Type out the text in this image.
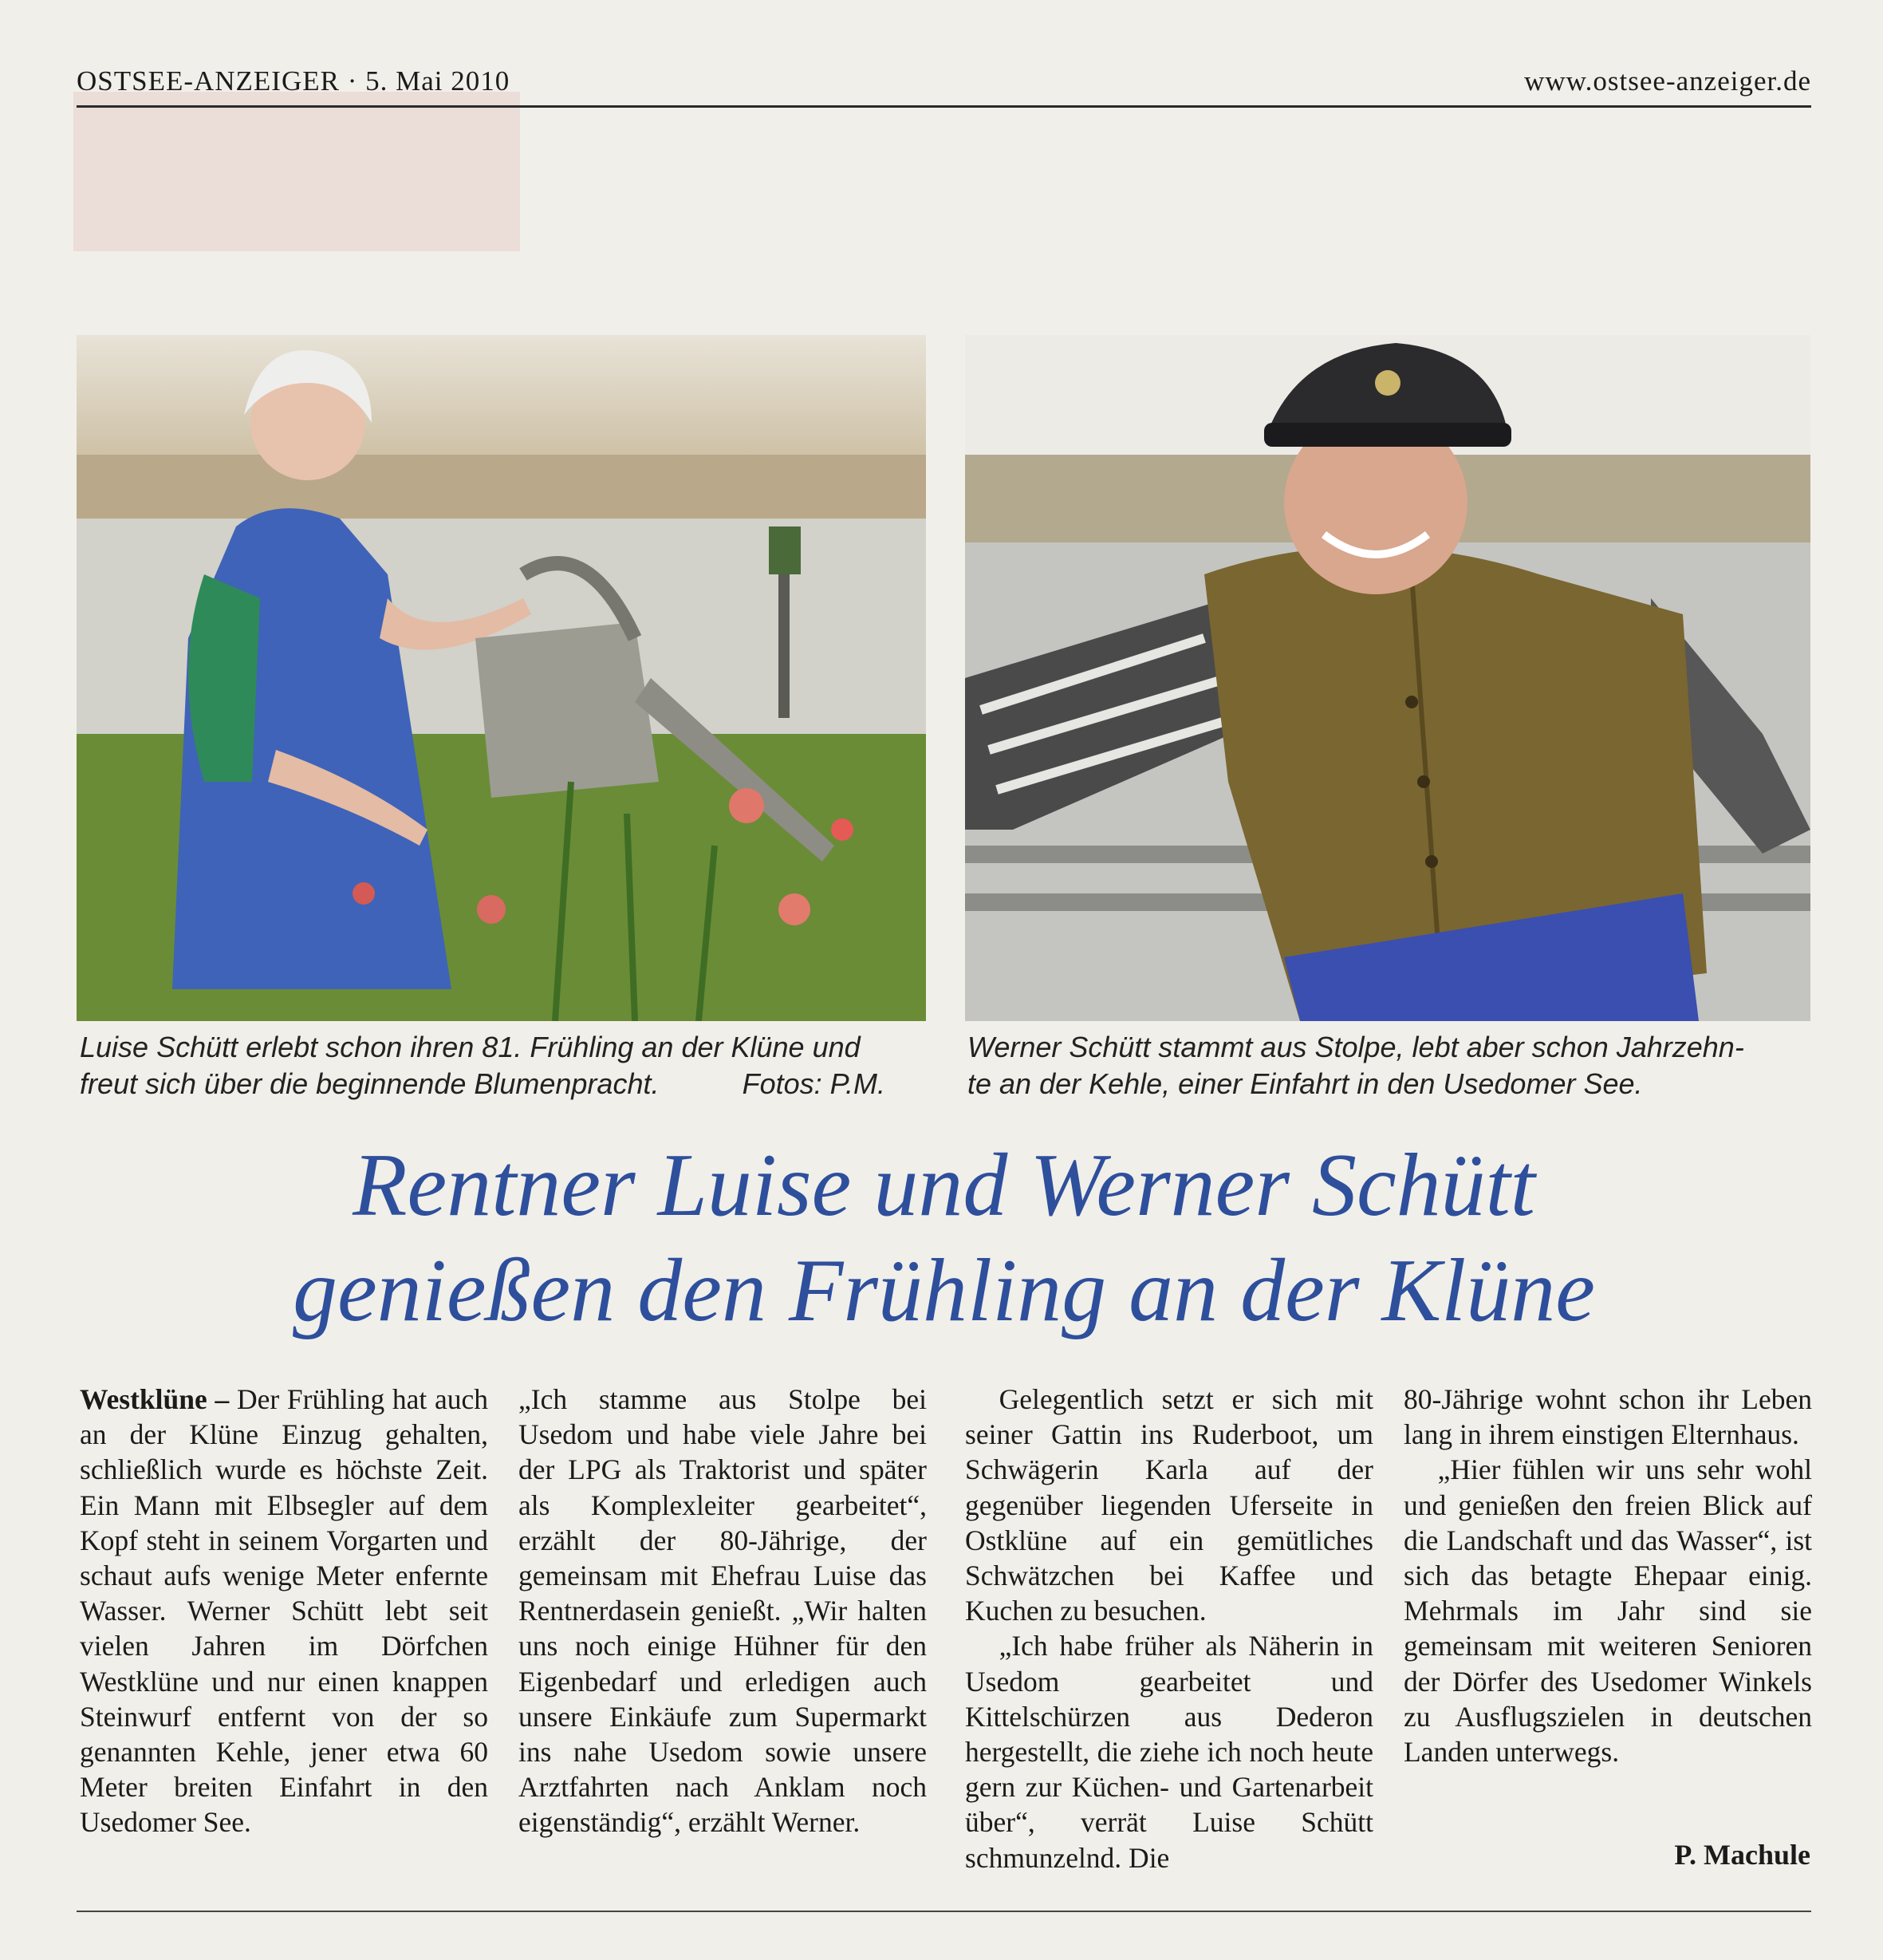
OSTSEE-ANZEIGER · 5. Mai 2010	www.ostsee-anzeiger.de
Luise Schütt erlebt schon ihren 81. Frühling an der Klüne und
freut sich über die beginnende Blumenpracht.	Fotos: P.M.
Werner Schütt stammt aus Stolpe, lebt aber schon Jahrzehn-
te an der Kehle, einer Einfahrt in den Usedomer See.
Rentner Luise und Werner Schütt
genießen den Frühling an der Klüne

Westklüne – Der Frühling hat auch an der Klüne Einzug gehalten, schließlich wurde es höchste Zeit. Ein Mann mit Elbsegler auf dem Kopf steht in seinem Vorgarten und schaut aufs wenige Meter enfernte Wasser. Werner Schütt lebt seit vielen Jahren im Dörfchen Westklüne und nur einen knappen Steinwurf entfernt von der so genannten Kehle, jener etwa 60 Meter breiten Einfahrt in den Usedomer See.

„Ich stamme aus Stolpe bei Usedom und habe viele Jahre bei der LPG als Traktorist und später als Komplexleiter gearbeitet“, erzählt der 80-Jährige, der gemeinsam mit Ehefrau Luise das Rentnerdasein genießt. „Wir halten uns noch einige Hühner für den Eigenbedarf und erledigen auch unsere Einkäufe zum Supermarkt ins nahe Usedom sowie unsere Arztfahrten nach Anklam noch eigenständig“, erzählt Werner.

Gelegentlich setzt er sich mit seiner Gattin ins Ruderboot, um Schwägerin Karla auf der gegenüber liegenden Uferseite in Ostklüne auf ein gemütliches Schwätzchen bei Kaffee und Kuchen zu besuchen.

„Ich habe früher als Näherin in Usedom gearbeitet und Kittelschürzen aus Dederon hergestellt, die ziehe ich noch heute gern zur Küchen- und Gartenarbeit über“, verrät Luise Schütt schmunzelnd. Die

80-Jährige wohnt schon ihr Leben lang in ihrem einstigen Elternhaus.

„Hier fühlen wir uns sehr wohl und genießen den freien Blick auf die Landschaft und das Wasser“, ist sich das betagte Ehepaar einig. Mehrmals im Jahr sind sie gemeinsam mit weiteren Senioren der Dörfer des Usedomer Winkels zu Ausflugszielen in deutschen Landen unterwegs.

P. Machule
